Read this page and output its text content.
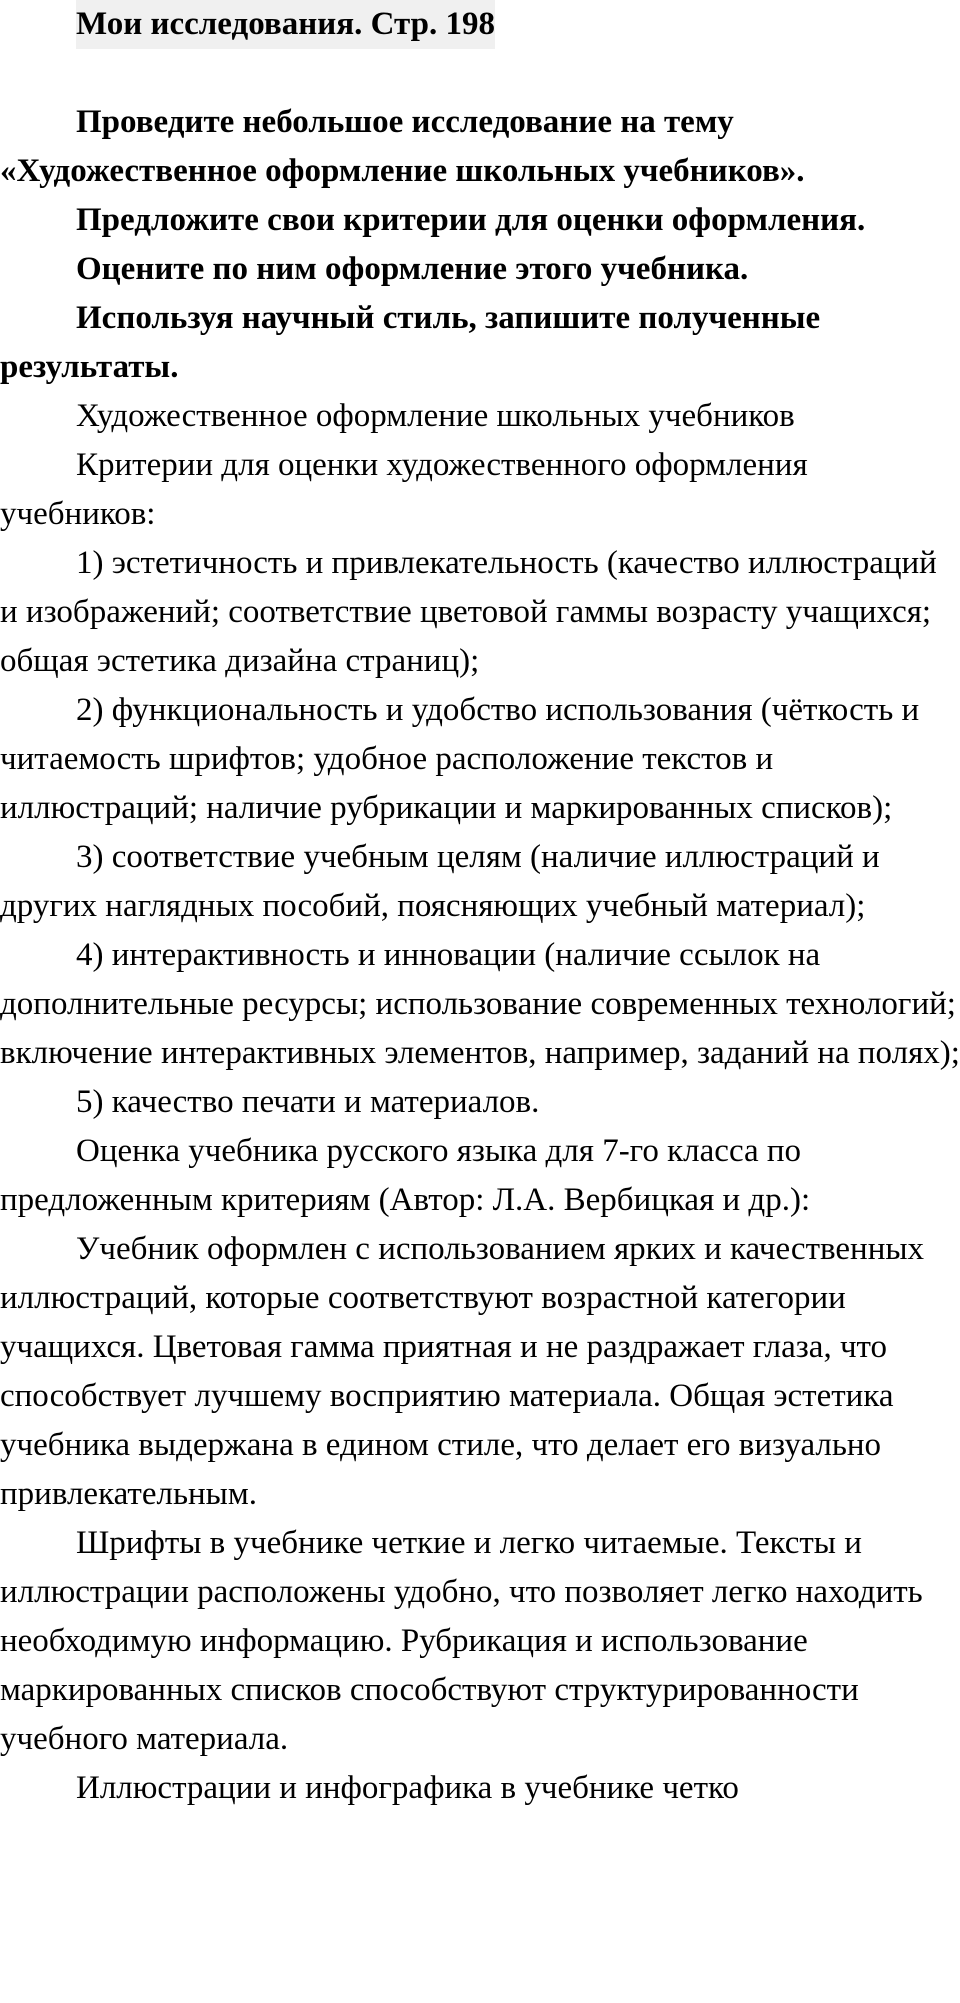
Мои исследования. Стр. 198

Проведите небольшое исследование на тему «Художественное оформление школьных учебников».

Предложите свои критерии для оценки оформления.

Оцените по ним оформление этого учебника.

Используя научный стиль, запишите полученные результаты.

Художественное оформление школьных учебников

Критерии для оценки художественного оформления учебников:

1) эстетичность и привлекательность (качество иллюстраций и изображений; соответствие цветовой гаммы возрасту учащихся; общая эстетика дизайна страниц);

2) функциональность и удобство использования (чёткость и читаемость шрифтов; удобное расположение текстов и иллюстраций; наличие рубрикации и маркированных списков);

3) соответствие учебным целям (наличие иллюстраций и других наглядных пособий, поясняющих учебный материал);

4) интерактивность и инновации (наличие ссылок на дополнительные ресурсы; использование современных технологий; включение интерактивных элементов, например, заданий на полях);

5) качество печати и материалов.

Оценка учебника русского языка для 7-го класса по предложенным критериям (Автор: Л.А. Вербицкая и др.):

Учебник оформлен с использованием ярких и качественных иллюстраций, которые соответствуют возрастной категории учащихся. Цветовая гамма приятная и не раздражает глаза, что способствует лучшему восприятию материала. Общая эстетика учебника выдержана в едином стиле, что делает его визуально привлекательным.

Шрифты в учебнике четкие и легко читаемые. Тексты и иллюстрации расположены удобно, что позволяет легко находить необходимую информацию. Рубрикация и использование маркированных списков способствуют структурированности учебного материала.

Иллюстрации и инфографика в учебнике четко
